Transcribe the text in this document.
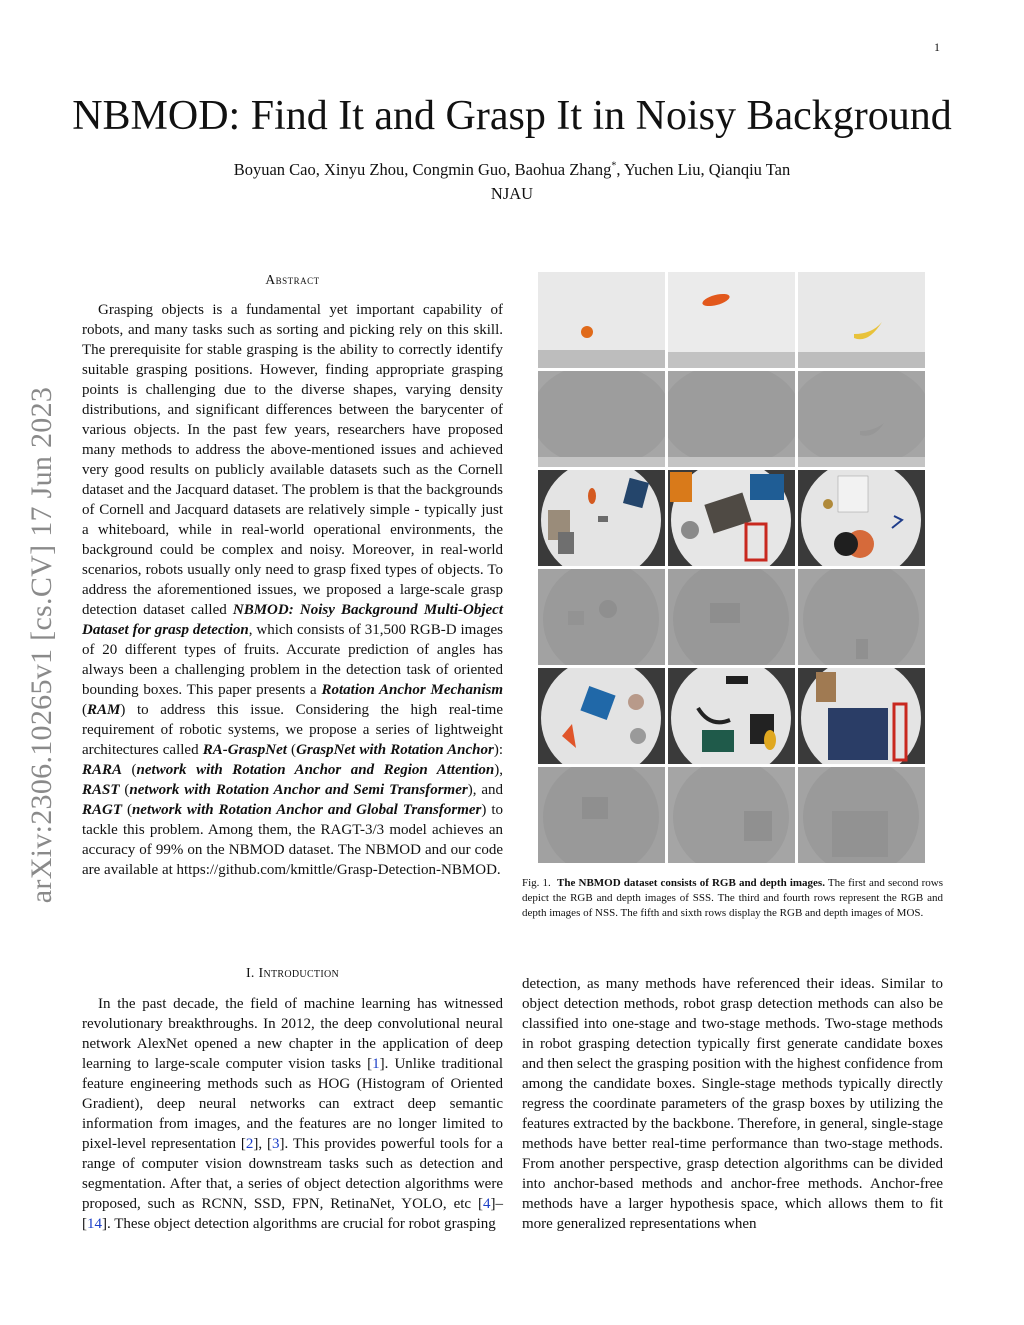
1
arXiv:2306.10265v1 [cs.CV] 17 Jun 2023
NBMOD: Find It and Grasp It in Noisy Background
Boyuan Cao, Xinyu Zhou, Congmin Guo, Baohua Zhang*, Yuchen Liu, Qianqiu Tan
NJAU
Abstract

Grasping objects is a fundamental yet important capability of robots, and many tasks such as sorting and picking rely on this skill. The prerequisite for stable grasping is the ability to correctly identify suitable grasping positions. However, finding appropriate grasping points is challenging due to the diverse shapes, varying density distributions, and significant differences between the barycenter of various objects. In the past few years, researchers have proposed many methods to address the above-mentioned issues and achieved very good results on publicly available datasets such as the Cornell dataset and the Jacquard dataset. The problem is that the backgrounds of Cornell and Jacquard datasets are relatively simple - typically just a whiteboard, while in real-world operational environments, the background could be complex and noisy. Moreover, in real-world scenarios, robots usually only need to grasp fixed types of objects. To address the aforementioned issues, we proposed a large-scale grasp detection dataset called NBMOD: Noisy Background Multi-Object Dataset for grasp detection, which consists of 31,500 RGB-D images of 20 different types of fruits. Accurate prediction of angles has always been a challenging problem in the detection task of oriented bounding boxes. This paper presents a Rotation Anchor Mechanism (RAM) to address this issue. Considering the high real-time requirement of robotic systems, we propose a series of lightweight architectures called RA-GraspNet (GraspNet with Rotation Anchor): RARA (network with Rotation Anchor and Region Attention), RAST (network with Rotation Anchor and Semi Transformer), and RAGT (network with Rotation Anchor and Global Transformer) to tackle this problem. Among them, the RAGT-3/3 model achieves an accuracy of 99% on the NBMOD dataset. The NBMOD and our code are available at https://github.com/kmittle/Grasp-Detection-NBMOD.

Fig. 1. The NBMOD dataset consists of RGB and depth images. The first and second rows depict the RGB and depth images of SSS. The third and fourth rows represent the RGB and depth images of NSS. The fifth and sixth rows display the RGB and depth images of MOS.

I. Introduction

In the past decade, the field of machine learning has witnessed revolutionary breakthroughs. In 2012, the deep convolutional neural network AlexNet opened a new chapter in the application of deep learning to large-scale computer vision tasks [1]. Unlike traditional feature engineering methods such as HOG (Histogram of Oriented Gradient), deep neural networks can extract deep semantic information from images, and the features are no longer limited to pixel-level representation [2], [3]. This provides powerful tools for a range of computer vision downstream tasks such as detection and segmentation. After that, a series of object detection algorithms were proposed, such as RCNN, SSD, FPN, RetinaNet, YOLO, etc [4]–[14]. These object detection algorithms are crucial for robot grasping

detection, as many methods have referenced their ideas. Similar to object detection methods, robot grasp detection methods can also be classified into one-stage and two-stage methods. Two-stage methods in robot grasping detection typically first generate candidate boxes and then select the grasping position with the highest confidence from among the candidate boxes. Single-stage methods typically directly regress the coordinate parameters of the grasp boxes by utilizing the features extracted by the backbone. Therefore, in general, single-stage methods have better real-time performance than two-stage methods. From another perspective, grasp detection algorithms can be divided into anchor-based methods and anchor-free methods. Anchor-free methods have a larger hypothesis space, which allows them to fit more generalized representations when
